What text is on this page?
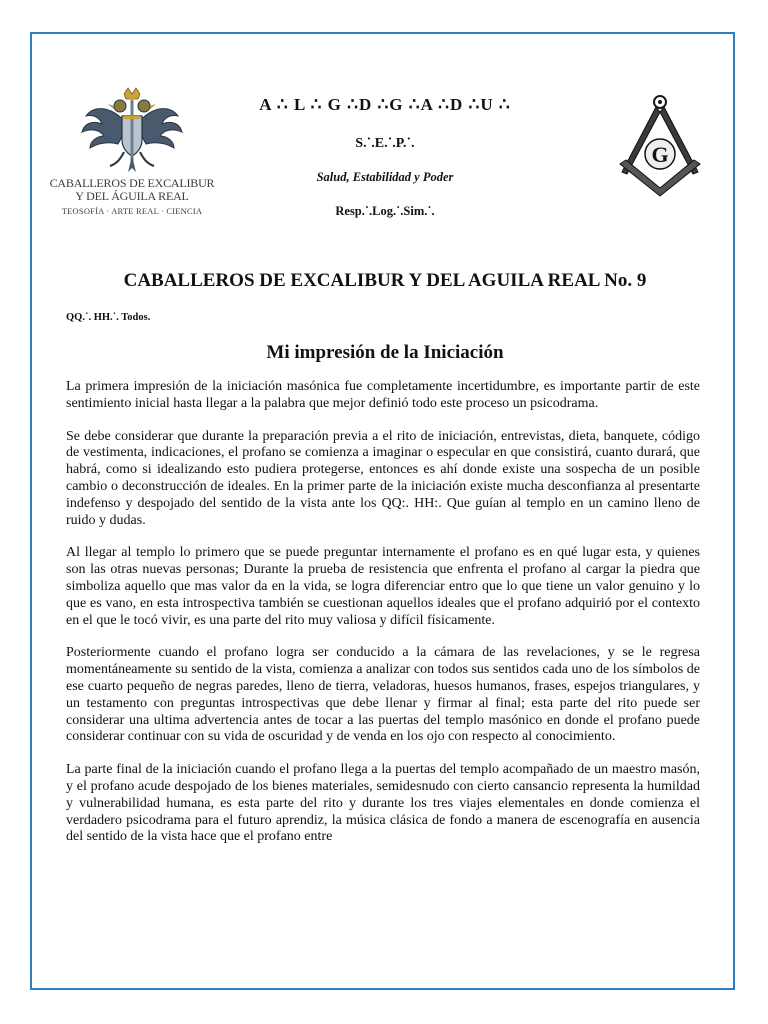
CABALLEROS DE EXCALIBUR
Y DEL ÁGUILA REAL
TEOSOFÍA · ARTE REAL · CIENCIA
A ∴ L ∴ G ∴D ∴G ∴A ∴D ∴U ∴
S.˙.E.˙.P.˙.
Salud, Estabilidad y Poder
Resp.˙.Log.˙.Sim.˙.
G
CABALLEROS DE EXCALIBUR Y DEL AGUILA REAL No. 9
QQ.˙. HH.˙. Todos.
Mi impresión de la Iniciación

La primera impresión de la iniciación masónica fue completamente incertidumbre, es importante partir de este sentimiento inicial hasta llegar a la palabra que mejor definió todo este proceso un psicodrama.

Se debe considerar que durante la preparación previa a el rito de iniciación, entrevistas, dieta, banquete, código de vestimenta, indicaciones, el profano se comienza a imaginar o especular en que consistirá, cuanto durará, que habrá, como si idealizando esto pudiera protegerse, entonces es ahí donde existe una sospecha de un posible cambio o deconstrucción de ideales. En la primer parte de la iniciación existe mucha desconfianza al presentarte indefenso y despojado del sentido de la vista ante los QQ:. HH:. Que guían al templo en un camino lleno de ruido y dudas.

Al llegar al templo lo primero que se puede preguntar internamente el profano es en qué lugar esta, y quienes son las otras nuevas personas; Durante la prueba de resistencia que enfrenta el profano al cargar la piedra que simboliza aquello que mas valor da en la vida, se logra diferenciar entro que lo que tiene un valor genuino y lo que es vano, en esta introspectiva también se cuestionan aquellos ideales que el profano adquirió por el contexto en el que le tocó vivir, es una parte del rito muy valiosa y difícil físicamente.

Posteriormente cuando el profano logra ser conducido a la cámara de las revelaciones, y se le regresa momentáneamente su sentido de la vista, comienza a analizar con todos sus sentidos cada uno de los símbolos de ese cuarto pequeño de negras paredes, lleno de tierra, veladoras, huesos humanos, frases, espejos triangulares, y un testamento con preguntas introspectivas que debe llenar y firmar al final; esta parte del rito puede ser considerar una ultima advertencia antes de tocar a las puertas del templo masónico en donde el profano puede considerar continuar con su vida de oscuridad y de venda en los ojo con respecto al conocimiento.

La parte final de la iniciación cuando el profano llega a la puertas del templo acompañado de un maestro masón, y el profano acude despojado de los bienes materiales, semidesnudo con cierto cansancio representa la humildad y vulnerabilidad humana, es esta parte del rito y durante los tres viajes elementales en donde comienza el verdadero psicodrama para el futuro aprendiz, la música clásica de fondo a manera de escenografía en ausencia del sentido de la vista hace que el profano entre
